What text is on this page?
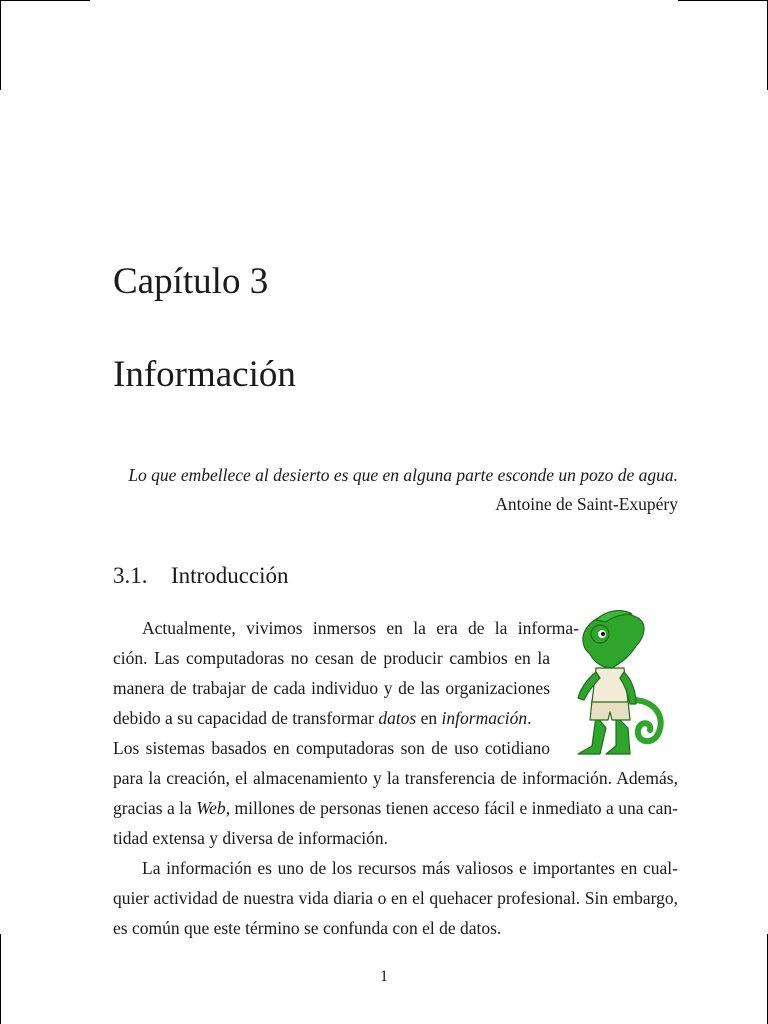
Capítulo 3
Información
Lo que embellece al desierto es que en alguna parte esconde un pozo de agua.
Antoine de Saint-Exupéry
3.1. Introducción
Actualmente, vivimos inmersos en la era de la informa-
ción. Las computadoras no cesan de producir cambios en la
manera de trabajar de cada individuo y de las organizaciones
debido a su capacidad de transformar datos en información.
Los sistemas basados en computadoras son de uso cotidiano
para la creación, el almacenamiento y la transferencia de información. Además,
gracias a la Web, millones de personas tienen acceso fácil e inmediato a una can-
tidad extensa y diversa de información.
La información es uno de los recursos más valiosos e importantes en cual-
quier actividad de nuestra vida diaria o en el quehacer profesional. Sin embargo,
es común que este término se confunda con el de datos.
1
